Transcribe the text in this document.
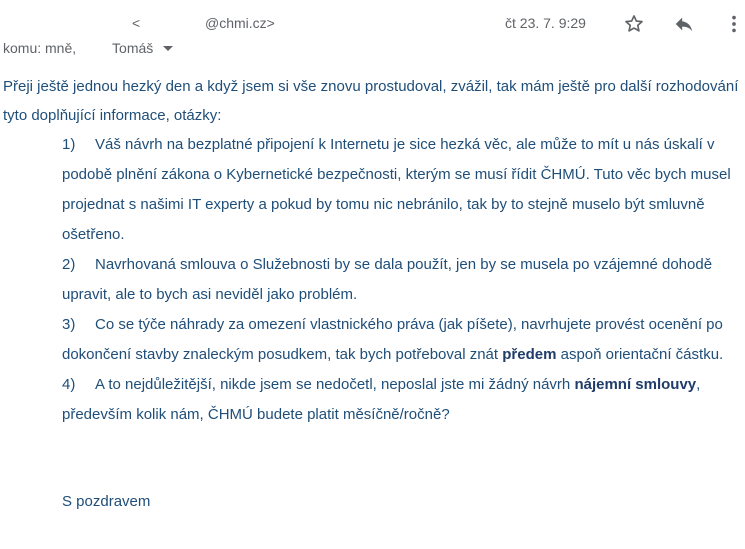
<	@chmi.cz>	čt 23. 7. 9:29
komu: mně,	Tomáš
Přeji ještě jednou hezký den a když jsem si vše znovu prostudoval, zvážil, tak mám ještě pro další rozhodování tyto doplňující informace, otázky:
1) Váš návrh na bezplatné připojení k Internetu je sice hezká věc, ale může to mít u nás úskalí v podobě plnění zákona o Kybernetické bezpečnosti, kterým se musí řídit ČHMÚ. Tuto věc bych musel projednat s našimi IT experty a pokud by tomu nic nebránilo, tak by to stejně muselo být smluvně ošetřeno.
2) Navrhovaná smlouva o Služebnosti by se dala použít, jen by se musela po vzájemné dohodě upravit, ale to bych asi neviděl jako problém.
3) Co se týče náhrady za omezení vlastnického práva (jak píšete), navrhujete provést ocenění po dokončení stavby znaleckým posudkem, tak bych potřeboval znát předem aspoň orientační částku.
4) A to nejdůležitější, nikde jsem se nedočetl, neposlal jste mi žádný návrh nájemní smlouvy, především kolik nám, ČHMÚ budete platit měsíčně/ročně?
S pozdravem
